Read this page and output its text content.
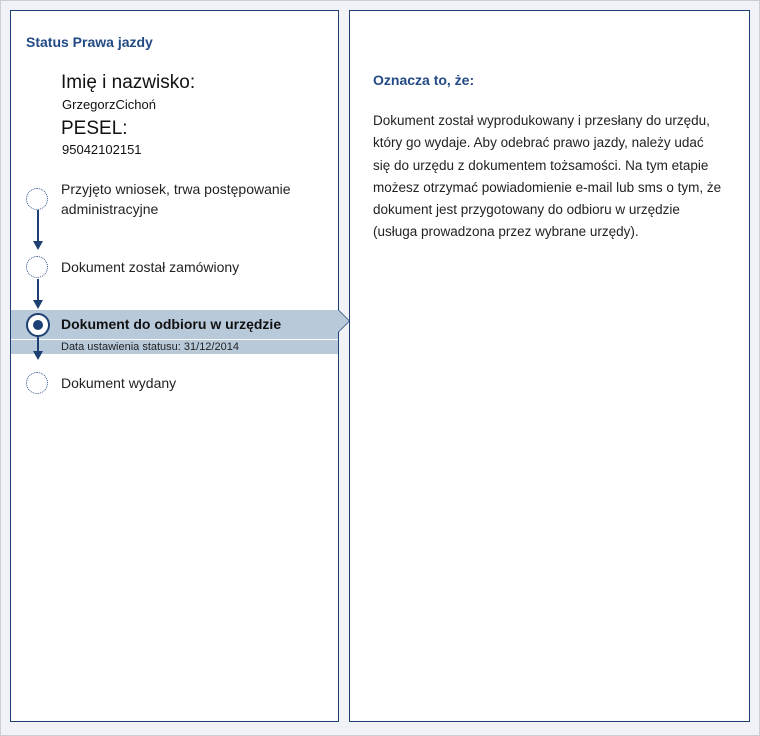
Status Prawa jazdy
Imię i nazwisko:
GrzegorzCichoń
PESEL:
95042102151
Przyjęto wniosek, trwa postępowanie administracyjne
Dokument został zamówiony
Dokument do odbioru w urzędzie
Data ustawienia statusu: 31/12/2014
Dokument wydany
Oznacza to, że:
Dokument został wyprodukowany i przesłany do urzędu, który go wydaje. Aby odebrać prawo jazdy, należy udać się do urzędu z dokumentem tożsamości. Na tym etapie możesz otrzymać powiadomienie e-mail lub sms o tym, że dokument jest przygotowany do odbioru w urzędzie (usługa prowadzona przez wybrane urzędy).
